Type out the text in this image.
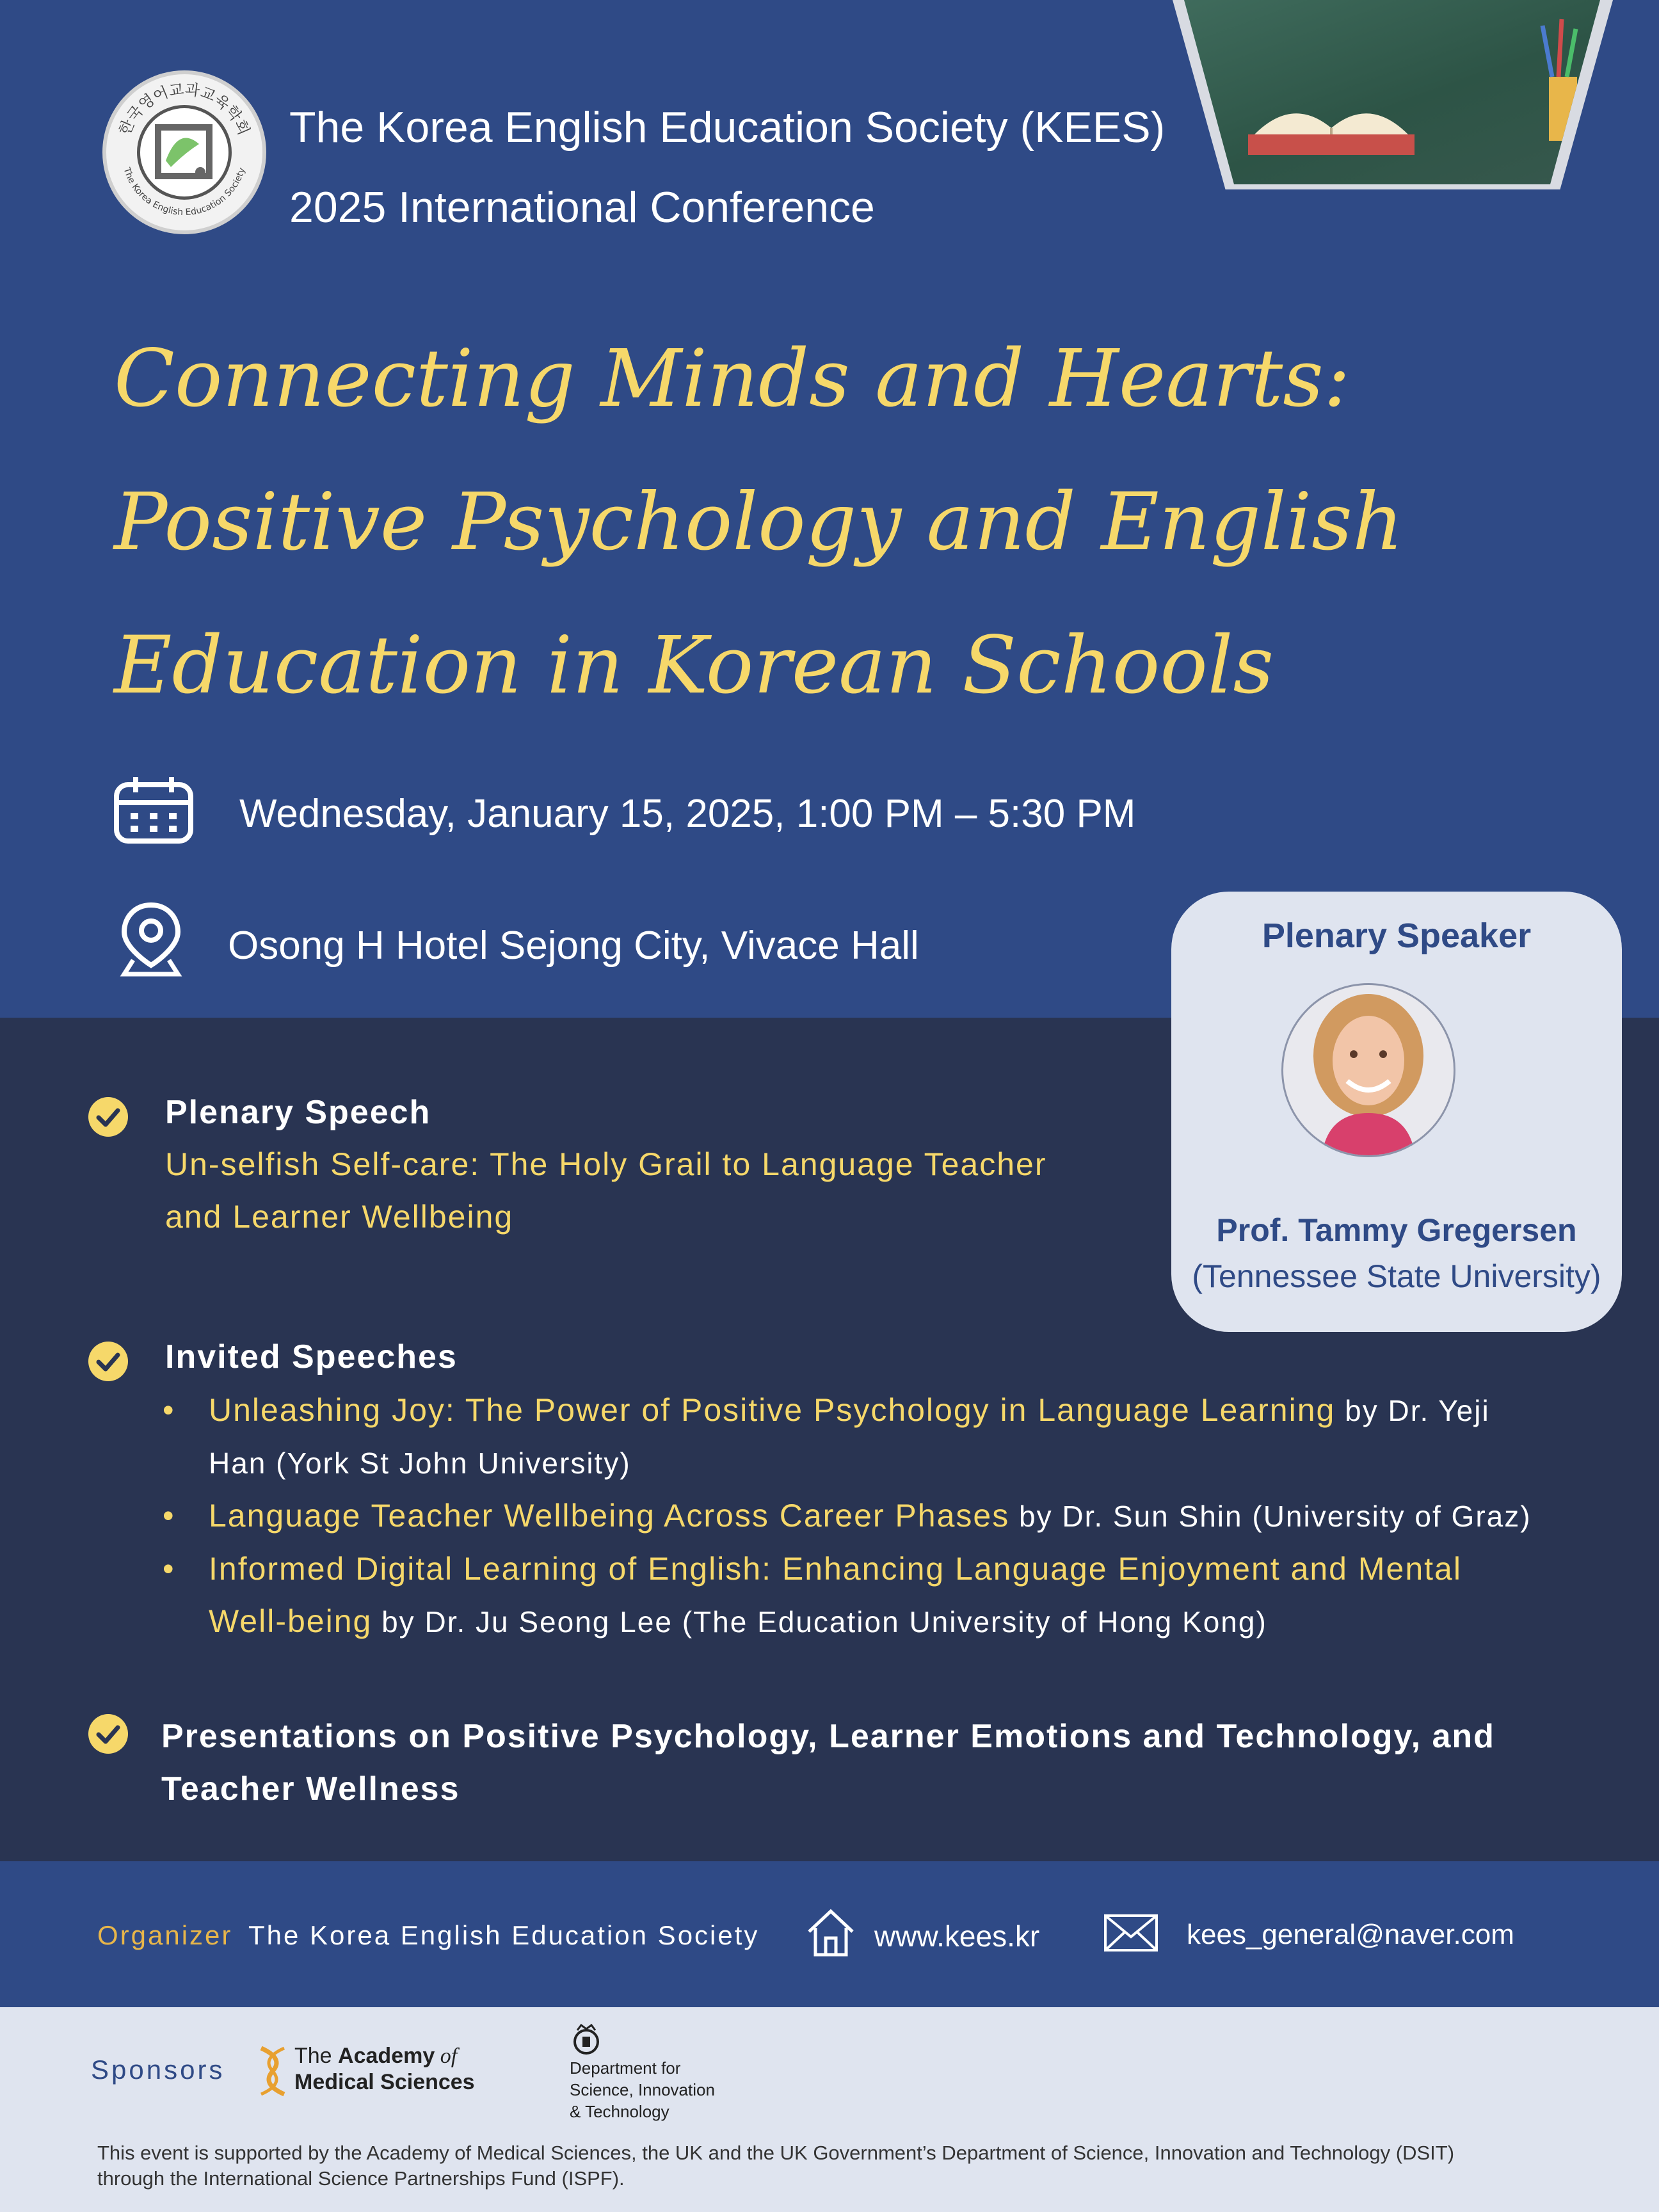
한국영어교과교육학회
The Korea English Education Society
The Korea English Education Society (KEES)
2025 International Conference
Connecting Minds and Hearts:
Positive Psychology and English
Education in Korean Schools
Wednesday, January 15, 2025, 1:00 PM – 5:30 PM
Osong H Hotel Sejong City, Vivace Hall	Plenary Speaker
Prof. Tammy Gregersen
(Tennessee State University)
Plenary Speech
Un-selfish Self-care: The Holy Grail to Language Teacher
and Learner Wellbeing
Invited Speeches
• Unleashing Joy: The Power of Positive Psychology in Language Learning by Dr. Yeji
Han (York St John University)
• Language Teacher Wellbeing Across Career Phases by Dr. Sun Shin (University of Graz)
• Informed Digital Learning of English: Enhancing Language Enjoyment and Mental
Well-being by Dr. Ju Seong Lee (The Education University of Hong Kong)
Presentations on Positive Psychology, Learner Emotions and Technology, and
Teacher Wellness
Organizer The Korea English Education Society	www.kees.kr	kees_general@naver.com
Sponsors	The Academy of
Medical Sciences
Department for
Science, Innovation
& Technology
This event is supported by the Academy of Medical Sciences, the UK and the UK Government’s Department of Science, Innovation and Technology (DSIT)
through the International Science Partnerships Fund (ISPF).
